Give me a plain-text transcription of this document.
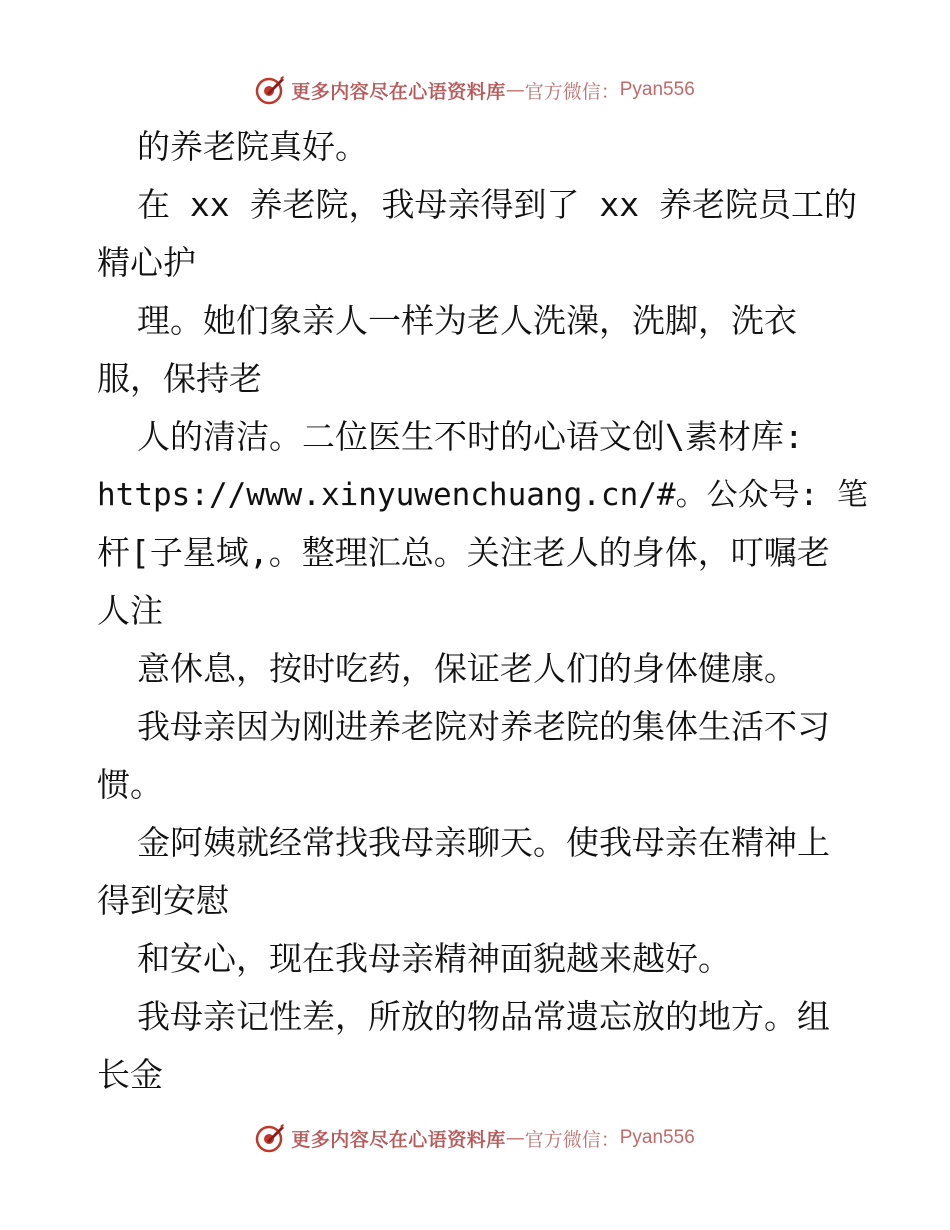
更多内容尽在心语资料库 — 官方微信： Pyan556
的养老院真好。
在 xx 养老院，我母亲得到了 xx 养老院员工的
精心护
理。她们象亲人一样为老人洗澡，洗脚，洗衣
服，保持老
人的清洁。二位医生不时的心语文创\素材库:
https://www.xinyuwenchuang.cn/#。公众号: 笔
杆[子星域,。整理汇总。关注老人的身体，叮嘱老
人注
意休息，按时吃药，保证老人们的身体健康。
我母亲因为刚进养老院对养老院的集体生活不习
惯。
金阿姨就经常找我母亲聊天。使我母亲在精神上
得到安慰
和安心，现在我母亲精神面貌越来越好。
我母亲记性差，所放的物品常遗忘放的地方。组
长金
更多内容尽在心语资料库 — 官方微信： Pyan556
